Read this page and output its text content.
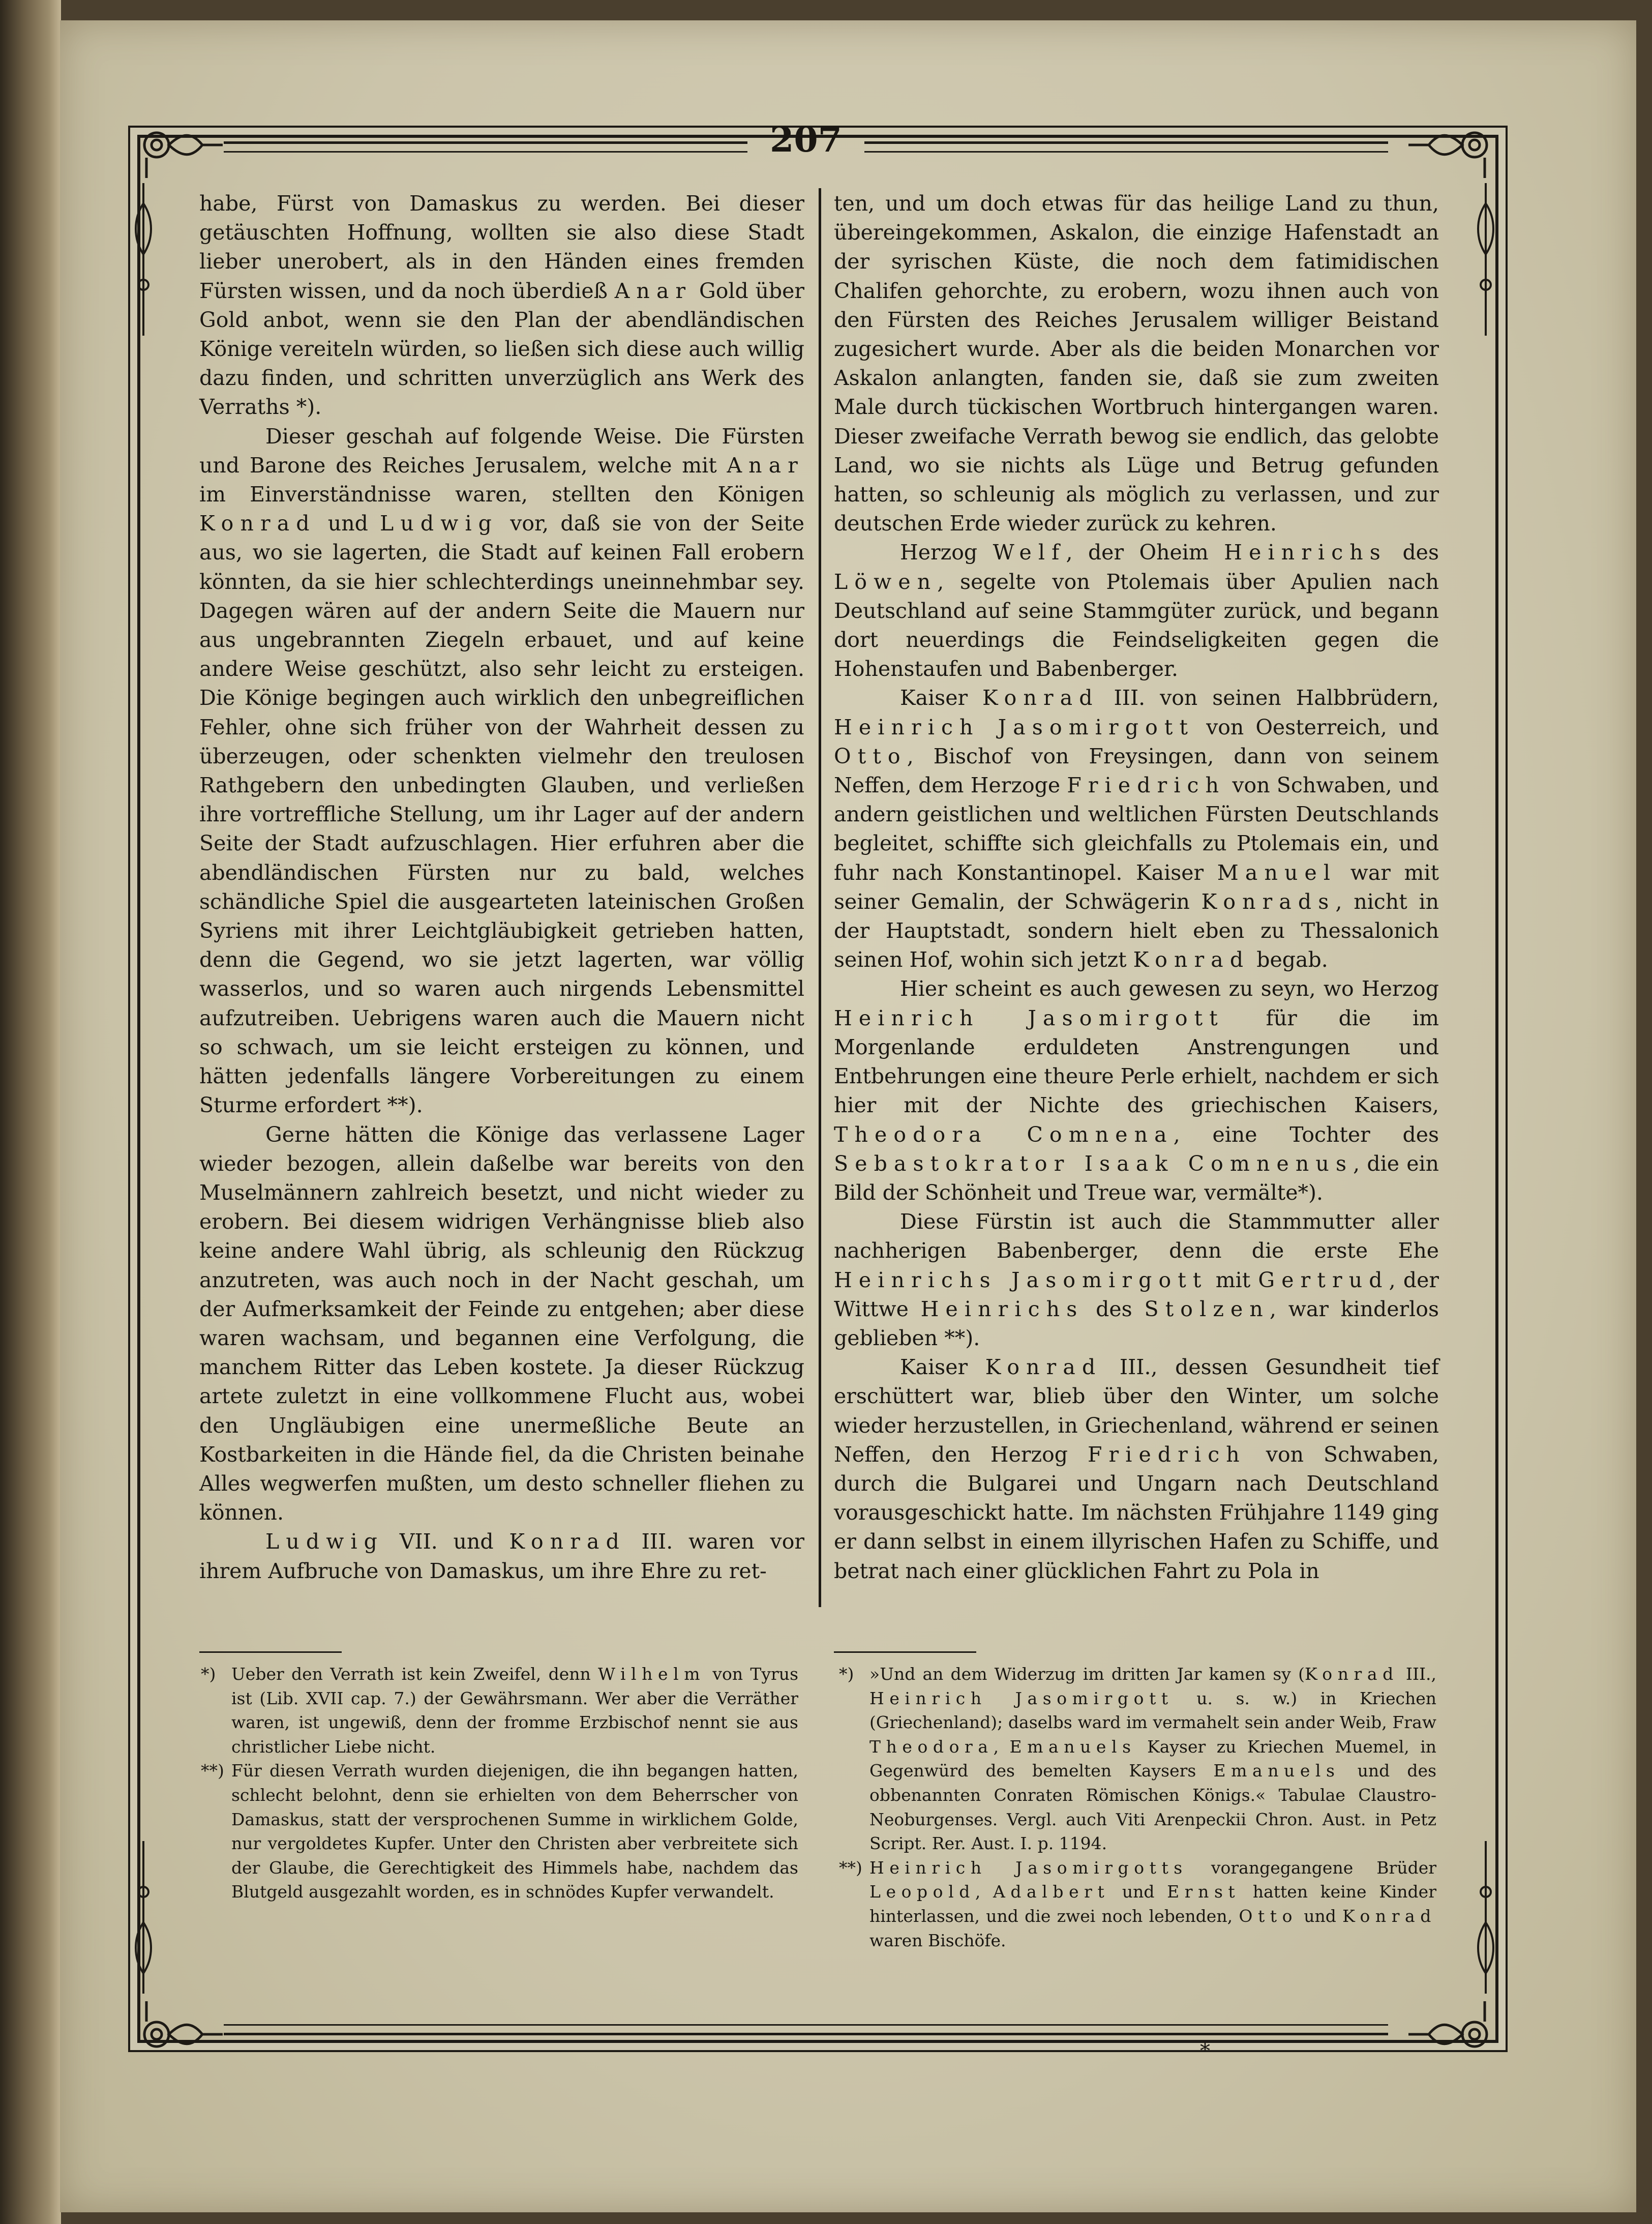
207

habe, Fürst von Damaskus zu werden. Bei dieser getäuschten Hoffnung, wollten sie also diese Stadt lieber unerobert, als in den Händen eines fremden Fürsten wissen, und da noch überdieß Anar Gold über Gold anbot, wenn sie den Plan der abendländischen Könige vereiteln würden, so ließen sich diese auch willig dazu finden, und schritten unverzüglich ans Werk des Verraths *).

Dieser geschah auf folgende Weise. Die Fürsten und Barone des Reiches Jerusalem, welche mit Anar im Einverständnisse waren, stellten den Königen Konrad und Ludwig vor, daß sie von der Seite aus, wo sie lagerten, die Stadt auf keinen Fall erobern könnten, da sie hier schlechterdings uneinnehmbar sey. Dagegen wären auf der andern Seite die Mauern nur aus ungebrannten Ziegeln erbauet, und auf keine andere Weise geschützt, also sehr leicht zu ersteigen. Die Könige begingen auch wirklich den unbegreiflichen Fehler, ohne sich früher von der Wahrheit dessen zu überzeugen, oder schenkten vielmehr den treulosen Rathgebern den unbedingten Glauben, und verließen ihre vortreffliche Stellung, um ihr Lager auf der andern Seite der Stadt aufzuschlagen. Hier erfuhren aber die abendländischen Fürsten nur zu bald, welches schändliche Spiel die ausgearteten lateinischen Großen Syriens mit ihrer Leichtgläubigkeit getrieben hatten, denn die Gegend, wo sie jetzt lagerten, war völlig wasserlos, und so waren auch nirgends Lebensmittel aufzutreiben. Uebrigens waren auch die Mauern nicht so schwach, um sie leicht ersteigen zu können, und hätten jedenfalls längere Vorbereitungen zu einem Sturme erfordert **).

Gerne hätten die Könige das verlassene Lager wieder bezogen, allein daßelbe war bereits von den Muselmännern zahlreich besetzt, und nicht wieder zu erobern. Bei diesem widrigen Verhängnisse blieb also keine andere Wahl übrig, als schleunig den Rückzug anzutreten, was auch noch in der Nacht geschah, um der Aufmerksamkeit der Feinde zu entgehen; aber diese waren wachsam, und begannen eine Verfolgung, die manchem Ritter das Leben kostete. Ja dieser Rückzug artete zuletzt in eine vollkommene Flucht aus, wobei den Ungläubigen eine unermeßliche Beute an Kostbarkeiten in die Hände fiel, da die Christen beinahe Alles wegwerfen mußten, um desto schneller fliehen zu können.

Ludwig VII. und Konrad III. waren vor ihrem Aufbruche von Damaskus, um ihre Ehre zu ret-

ten, und um doch etwas für das heilige Land zu thun, übereingekommen, Askalon, die einzige Hafenstadt an der syrischen Küste, die noch dem fatimidischen Chalifen gehorchte, zu erobern, wozu ihnen auch von den Fürsten des Reiches Jerusalem williger Beistand zugesichert wurde. Aber als die beiden Monarchen vor Askalon anlangten, fanden sie, daß sie zum zweiten Male durch tückischen Wortbruch hintergangen waren. Dieser zweifache Verrath bewog sie endlich, das gelobte Land, wo sie nichts als Lüge und Betrug gefunden hatten, so schleunig als möglich zu verlassen, und zur deutschen Erde wieder zurück zu kehren.

Herzog Welf, der Oheim Heinrichs des Löwen, segelte von Ptolemais über Apulien nach Deutschland auf seine Stammgüter zurück, und begann dort neuerdings die Feindseligkeiten gegen die Hohenstaufen und Babenberger.

Kaiser Konrad III. von seinen Halbbrüdern, Heinrich Jasomirgott von Oesterreich, und Otto, Bischof von Freysingen, dann von seinem Neffen, dem Herzoge Friedrich von Schwaben, und andern geistlichen und weltlichen Fürsten Deutschlands begleitet, schiffte sich gleichfalls zu Ptolemais ein, und fuhr nach Konstantinopel. Kaiser Manuel war mit seiner Gemalin, der Schwägerin Konrads, nicht in der Hauptstadt, sondern hielt eben zu Thessalonich seinen Hof, wohin sich jetzt Konrad begab.

Hier scheint es auch gewesen zu seyn, wo Herzog Heinrich Jasomirgott für die im Morgenlande erduldeten Anstrengungen und Entbehrungen eine theure Perle erhielt, nachdem er sich hier mit der Nichte des griechischen Kaisers, Theodora Comnena, eine Tochter des Sebastokrator Isaak Comnenus, die ein Bild der Schönheit und Treue war, vermälte*).

Diese Fürstin ist auch die Stammmutter aller nachherigen Babenberger, denn die erste Ehe Heinrichs Jasomirgott mit Gertrud, der Wittwe Heinrichs des Stolzen, war kinderlos geblieben **).

Kaiser Konrad III., dessen Gesundheit tief erschüttert war, blieb über den Winter, um solche wieder herzustellen, in Griechenland, während er seinen Neffen, den Herzog Friedrich von Schwaben, durch die Bulgarei und Ungarn nach Deutschland vorausgeschickt hatte. Im nächsten Frühjahre 1149 ging er dann selbst in einem illyrischen Hafen zu Schiffe, und betrat nach einer glücklichen Fahrt zu Pola in

*) Ueber den Verrath ist kein Zweifel, denn Wilhelm von Tyrus ist (Lib. XVII cap. 7.) der Gewährsmann. Wer aber die Verräther waren, ist ungewiß, denn der fromme Erzbischof nennt sie aus christlicher Liebe nicht.

**) Für diesen Verrath wurden diejenigen, die ihn begangen hatten, schlecht belohnt, denn sie erhielten von dem Beherrscher von Damaskus, statt der versprochenen Summe in wirklichem Golde, nur vergoldetes Kupfer. Unter den Christen aber verbreitete sich der Glaube, die Gerechtigkeit des Himmels habe, nachdem das Blutgeld ausgezahlt worden, es in schnödes Kupfer verwandelt.

*) »Und an dem Widerzug im dritten Jar kamen sy (Konrad III., Heinrich Jasomirgott u. s. w.) in Kriechen (Griechenland); daselbs ward im vermahelt sein ander Weib, Fraw Theodora, Emanuels Kayser zu Kriechen Muemel, in Gegenwürd des bemelten Kaysers Emanuels und des obbenannten Conraten Römischen Königs.« Tabulae Claustro-Neoburgenses. Vergl. auch Viti Arenpeckii Chron. Aust. in Petz Script. Rer. Aust. I. p. 1194.

**) Heinrich Jasomirgotts vorangegangene Brüder Leopold, Adalbert und Ernst hatten keine Kinder hinterlassen, und die zwei noch lebenden, Otto und Konrad waren Bischöfe.

*
